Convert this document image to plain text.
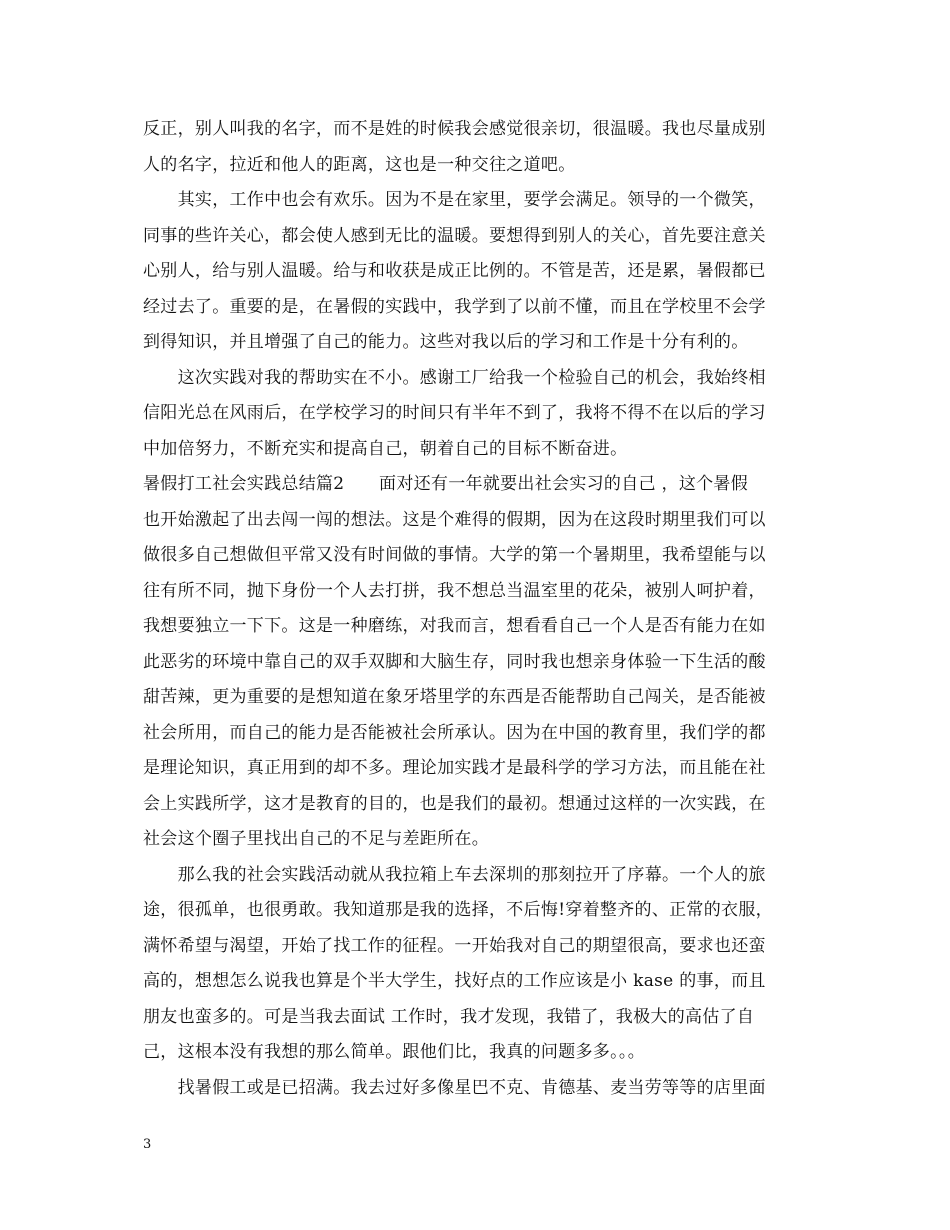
反正，别人叫我的名字，而不是姓的时候我会感觉很亲切，很温暖。我也尽量成别
人的名字，拉近和他人的距离，这也是一种交往之道吧。
　　其实，工作中也会有欢乐。因为不是在家里，要学会满足。领导的一个微笑，
同事的些许关心，都会使人感到无比的温暖。要想得到别人的关心，首先要注意关
心别人，给与别人温暖。给与和收获是成正比例的。不管是苦，还是累，暑假都已
经过去了。重要的是，在暑假的实践中，我学到了以前不懂，而且在学校里不会学
到得知识，并且增强了自己的能力。这些对我以后的学习和工作是十分有利的。
　　这次实践对我的帮助实在不小。感谢工厂给我一个检验自己的机会，我始终相
信阳光总在风雨后，在学校学习的时间只有半年不到了，我将不得不在以后的学习
中加倍努力，不断充实和提高自己，朝着自己的目标不断奋进。
暑假打工社会实践总结篇2　　面对还有一年就要出社会实习的自己 ，这个暑假
也开始激起了出去闯一闯的想法。这是个难得的假期，因为在这段时期里我们可以
做很多自己想做但平常又没有时间做的事情。大学的第一个暑期里，我希望能与以
往有所不同，抛下身份一个人去打拼，我不想总当温室里的花朵，被别人呵护着，
我想要独立一下下。这是一种磨练，对我而言，想看看自己一个人是否有能力在如
此恶劣的环境中靠自己的双手双脚和大脑生存，同时我也想亲身体验一下生活的酸
甜苦辣，更为重要的是想知道在象牙塔里学的东西是否能帮助自己闯关，是否能被
社会所用，而自己的能力是否能被社会所承认。因为在中国的教育里，我们学的都
是理论知识，真正用到的却不多。理论加实践才是最科学的学习方法，而且能在社
会上实践所学，这才是教育的目的，也是我们的最初。想通过这样的一次实践，在
社会这个圈子里找出自己的不足与差距所在。
　　那么我的社会实践活动就从我拉箱上车去深圳的那刻拉开了序幕。一个人的旅
途，很孤单，也很勇敢。我知道那是我的选择，不后悔!穿着整齐的、正常的衣服，
满怀希望与渴望，开始了找工作的征程。一开始我对自己的期望很高，要求也还蛮
高的，想想怎么说我也算是个半大学生，找好点的工作应该是小 kase 的事，而且
朋友也蛮多的。可是当我去面试 工作时，我才发现，我错了，我极大的高估了自
己，这根本没有我想的那么简单。跟他们比，我真的问题多多。。。
　　找暑假工或是已招满。我去过好多像星巴不克、肯德基、麦当劳等等的店里面
3
